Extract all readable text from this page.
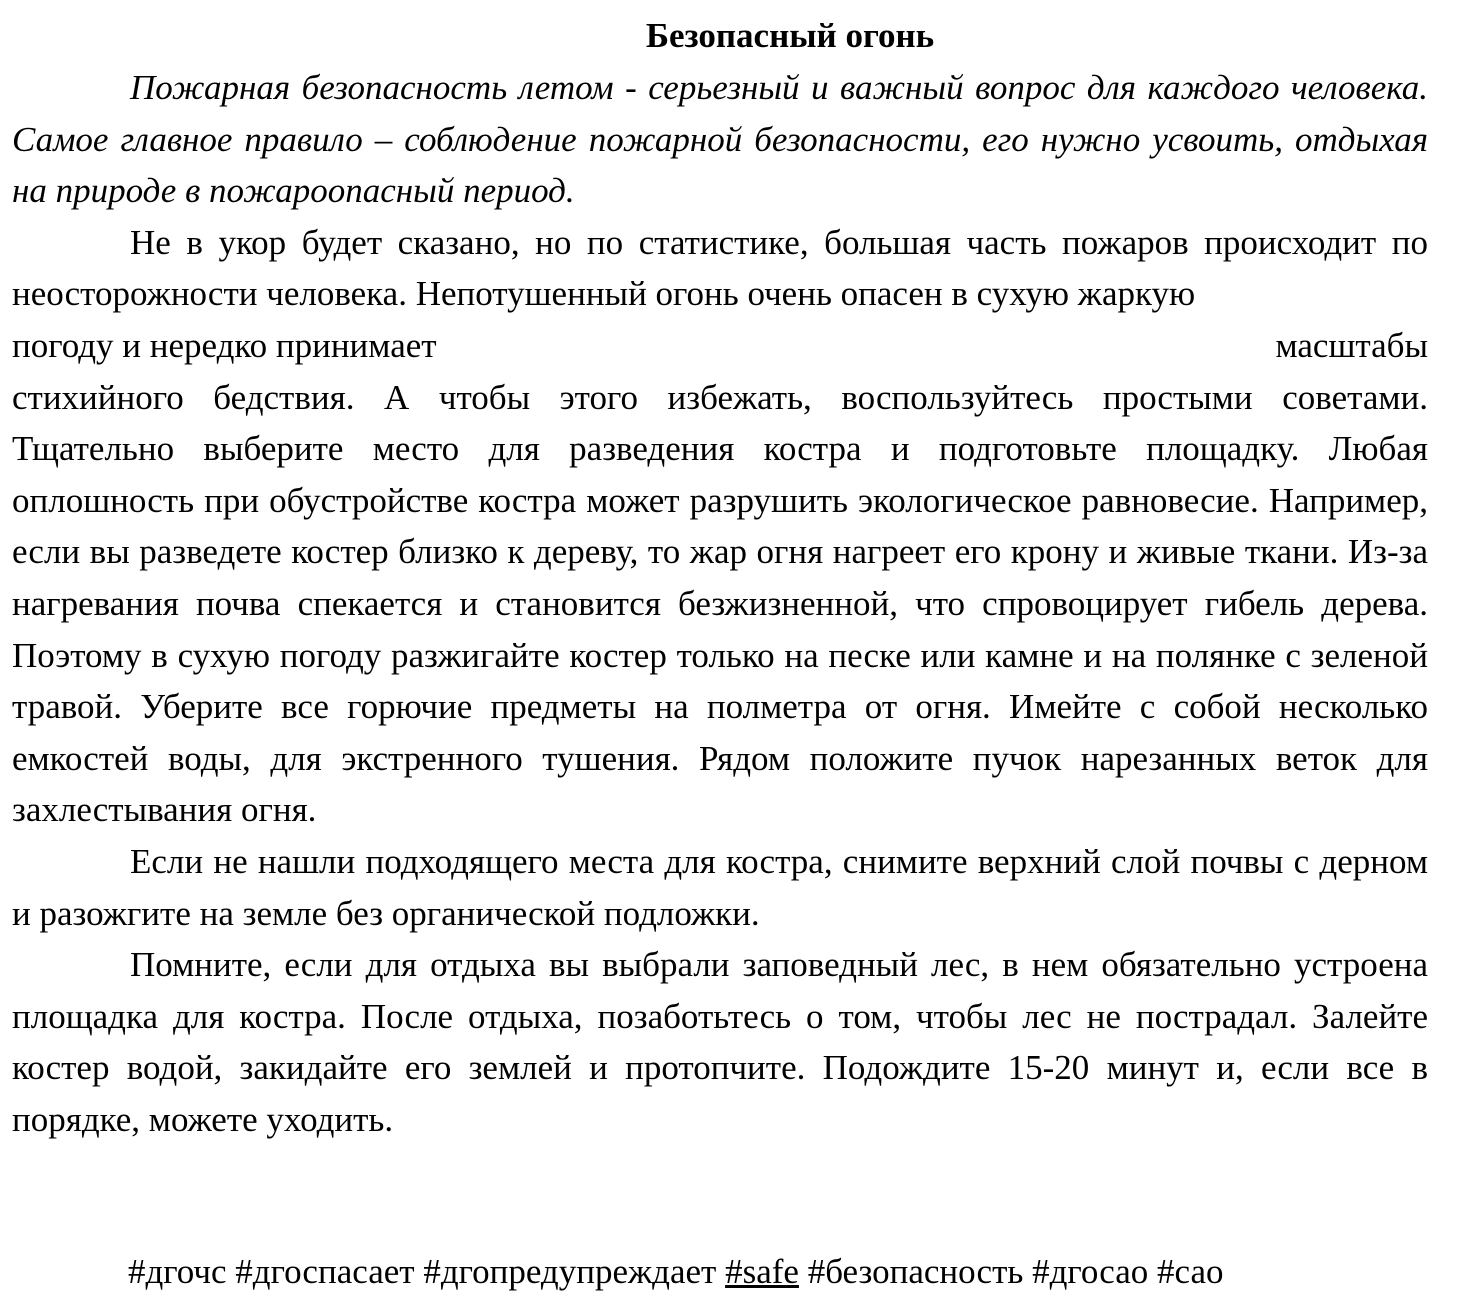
Безопасный огонь

Пожарная безопасность летом - серьезный и важный вопрос для каждого человека. Самое главное правило – соблюдение пожарной безопасности, его нужно усвоить, отдыхая на природе в пожароопасный период.

Не в укор будет сказано, но по статистике, большая часть пожаров происходит по неосторожности человека. Непотушенный огонь очень опасен в сухую жаркую

погоду и нередко принимает	масштабы

стихийного бедствия. А чтобы этого избежать, воспользуйтесь простыми советами. Тщательно выберите место для разведения костра и подготовьте площадку. Любая оплошность при обустройстве костра может разрушить экологическое равновесие. Например, если вы разведете костер близко к дереву, то жар огня нагреет его крону и живые ткани. Из-за нагревания почва спекается и становится безжизненной, что спровоцирует гибель дерева. Поэтому в сухую погоду разжигайте костер только на песке или камне и на полянке с зеленой травой. Уберите все горючие предметы на полметра от огня. Имейте с собой несколько емкостей воды, для экстренного тушения. Рядом положите пучок нарезанных веток для захлестывания огня.

Если не нашли подходящего места для костра, снимите верхний слой почвы с дерном и разожгите на земле без органической подложки.

Помните, если для отдыха вы выбрали заповедный лес, в нем обязательно устроена площадка для костра. После отдыха, позаботьтесь о том, чтобы лес не пострадал. Залейте костер водой, закидайте его землей и протопчите. Подождите 15-20 минут и, если все в порядке, можете уходить.

#дгочс #дгоспасает #дгопредупреждает #safe #безопасность #дгосао #сао
